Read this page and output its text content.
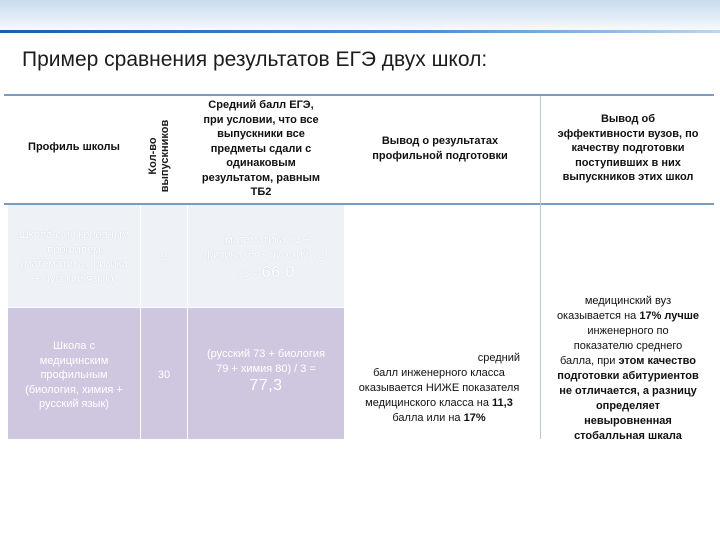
Пример сравнения результатов ЕГЭ двух школ:
Профиль школы	Кол-во выпускников
Средний балл ЕГЭ,
при условии, что все
выпускники все
предметы сдали с
одинаковым
результатом, равным
ТБ2
Вывод о результатах
профильной подготовки
Вывод об
эффективности вузов, по
качеству подготовки
поступивших в них
выпускников этих школ
Школа с инженерным
профилем
(математика, физика
+ русский язык)
30
(математика 63 +
физика 65 + русский 73)
/ 3 = 66,0
Школа с
медицинским
профильным
(биология, химия +
русский язык)
30
(русский 73 + биология
79 + химия 80) / 3 =
77,3
средний
балл инженерного класса
оказывается НИЖЕ показателя
медицинского класса на 11,3
балла или на 17%
медицинский вуз
оказывается на 17% лучше
инженерного по
показателю среднего
балла, при этом качество
подготовки абитуриентов
не отличается, а разницу
определяет
невыровненная
стобалльная шкала
